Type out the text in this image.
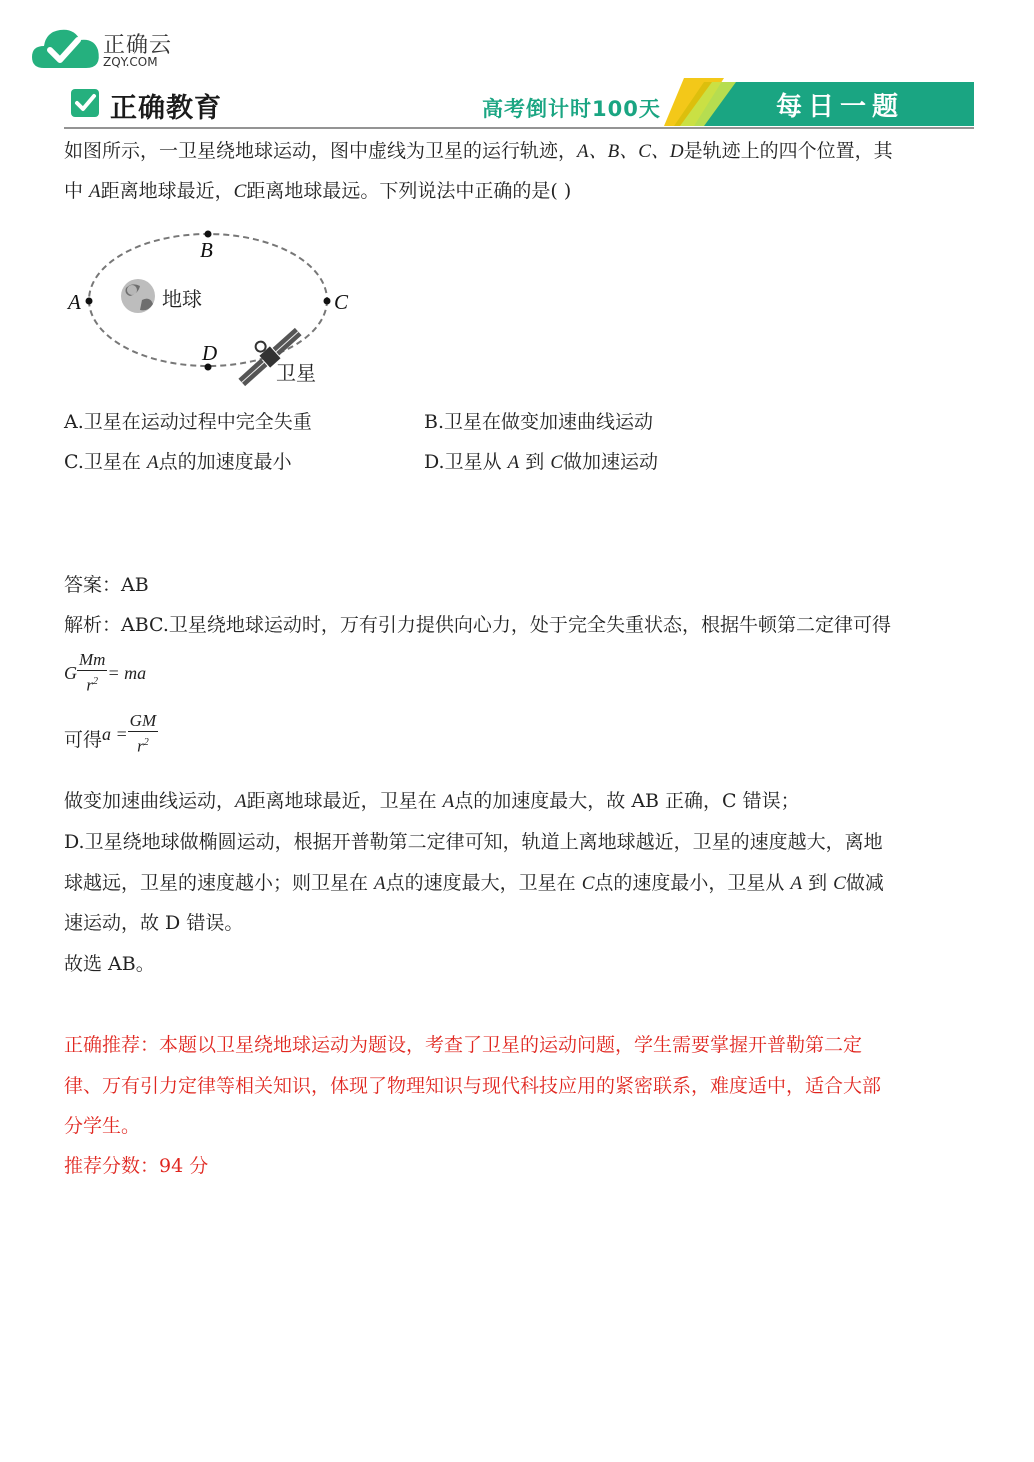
正确云
ZQY.COM
正确教育	高考倒计时100天	每日一题
如图所示，一卫星绕地球运动，图中虚线为卫星的运行轨迹，A、B、C、D是轨迹上的四个位置，其
中 A距离地球最近，C距离地球最远。下列说法中正确的是( )
A
B
C
D
地球
卫星
A.卫星在运动过程中完全失重	B.卫星在做变加速曲线运动
C.卫星在 A点的加速度最小	D.卫星从 A 到 C做加速运动
答案：AB
解析：ABC.卫星绕地球运动时，万有引力提供向心力，处于完全失重状态，根据牛顿第二定律可得
G $\frac{Mm}{r^2}$ = ma
可得$a = \frac{GM}{r^2}$
做变加速曲线运动，A距离地球最近，卫星在 A点的加速度最大，故 AB 正确，C 错误；
D.卫星绕地球做椭圆运动，根据开普勒第二定律可知，轨道上离地球越近，卫星的速度越大，离地
球越远，卫星的速度越小；则卫星在 A点的速度最大，卫星在 C点的速度最小，卫星从 A 到 C做减
速运动，故 D 错误。
故选 AB。
正确推荐：本题以卫星绕地球运动为题设，考查了卫星的运动问题，学生需要掌握开普勒第二定
律、万有引力定律等相关知识，体现了物理知识与现代科技应用的紧密联系，难度适中，适合大部
分学生。
推荐分数：94 分
